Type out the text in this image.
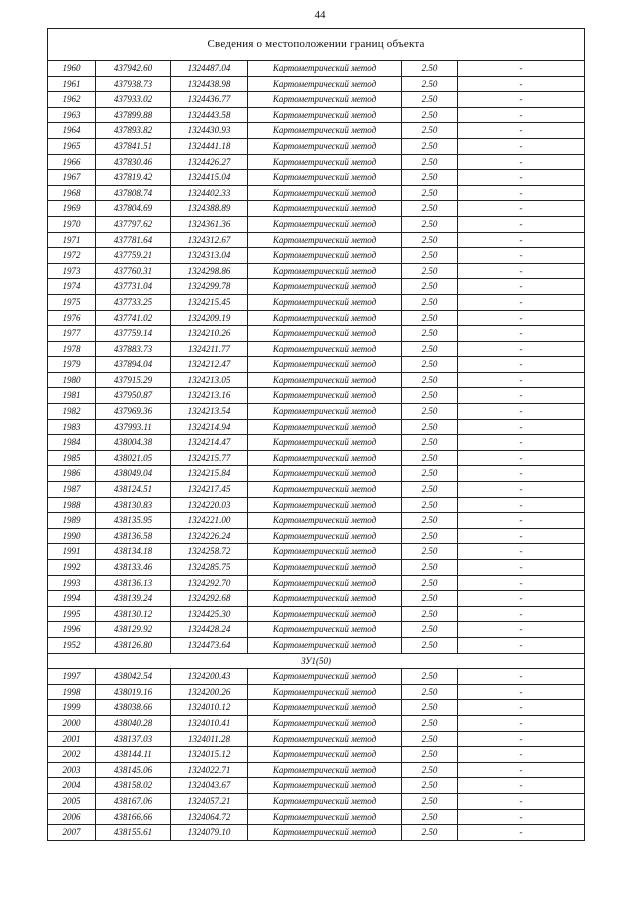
44
Сведения о местоположении границ объекта					
1960	437942.60	1324487.04	Картометрический метод	2.50	-
1961	437938.73	1324438.98	Картометрический метод	2.50	-
1962	437933.02	1324436.77	Картометрический метод	2.50	-
1963	437899.88	1324443.58	Картометрический метод	2.50	-
1964	437893.82	1324430.93	Картометрический метод	2.50	-
1965	437841.51	1324441.18	Картометрический метод	2.50	-
1966	437830.46	1324426.27	Картометрический метод	2.50	-
1967	437819.42	1324415.04	Картометрический метод	2.50	-
1968	437808.74	1324402.33	Картометрический метод	2.50	-
1969	437804.69	1324388.89	Картометрический метод	2.50	-
1970	437797.62	1324361.36	Картометрический метод	2.50	-
1971	437781.64	1324312.67	Картометрический метод	2.50	-
1972	437759.21	1324313.04	Картометрический метод	2.50	-
1973	437760.31	1324298.86	Картометрический метод	2.50	-
1974	437731.04	1324299.78	Картометрический метод	2.50	-
1975	437733.25	1324215.45	Картометрический метод	2.50	-
1976	437741.02	1324209.19	Картометрический метод	2.50	-
1977	437759.14	1324210.26	Картометрический метод	2.50	-
1978	437883.73	1324211.77	Картометрический метод	2.50	-
1979	437894.04	1324212.47	Картометрический метод	2.50	-
1980	437915.29	1324213.05	Картометрический метод	2.50	-
1981	437950.87	1324213.16	Картометрический метод	2.50	-
1982	437969.36	1324213.54	Картометрический метод	2.50	-
1983	437993.11	1324214.94	Картометрический метод	2.50	-
1984	438004.38	1324214.47	Картометрический метод	2.50	-
1985	438021.05	1324215.77	Картометрический метод	2.50	-
1986	438049.04	1324215.84	Картометрический метод	2.50	-
1987	438124.51	1324217.45	Картометрический метод	2.50	-
1988	438130.83	1324220.03	Картометрический метод	2.50	-
1989	438135.95	1324221.00	Картометрический метод	2.50	-
1990	438136.58	1324226.24	Картометрический метод	2.50	-
1991	438134.18	1324258.72	Картометрический метод	2.50	-
1992	438133.46	1324285.75	Картометрический метод	2.50	-
1993	438136.13	1324292.70	Картометрический метод	2.50	-
1994	438139.24	1324292.68	Картометрический метод	2.50	-
1995	438130.12	1324425.30	Картометрический метод	2.50	-
1996	438129.92	1324428.24	Картометрический метод	2.50	-
1952	438126.80	1324473.64	Картометрический метод	2.50	-
ЗУ1(50)					
1997	438042.54	1324200.43	Картометрический метод	2.50	-
1998	438019.16	1324200.26	Картометрический метод	2.50	-
1999	438038.66	1324010.12	Картометрический метод	2.50	-
2000	438040.28	1324010.41	Картометрический метод	2.50	-
2001	438137.03	1324011.28	Картометрический метод	2.50	-
2002	438144.11	1324015.12	Картометрический метод	2.50	-
2003	438145.06	1324022.71	Картометрический метод	2.50	-
2004	438158.02	1324043.67	Картометрический метод	2.50	-
2005	438167.06	1324057.21	Картометрический метод	2.50	-
2006	438166.66	1324064.72	Картометрический метод	2.50	-
2007	438155.61	1324079.10	Картометрический метод	2.50	-
